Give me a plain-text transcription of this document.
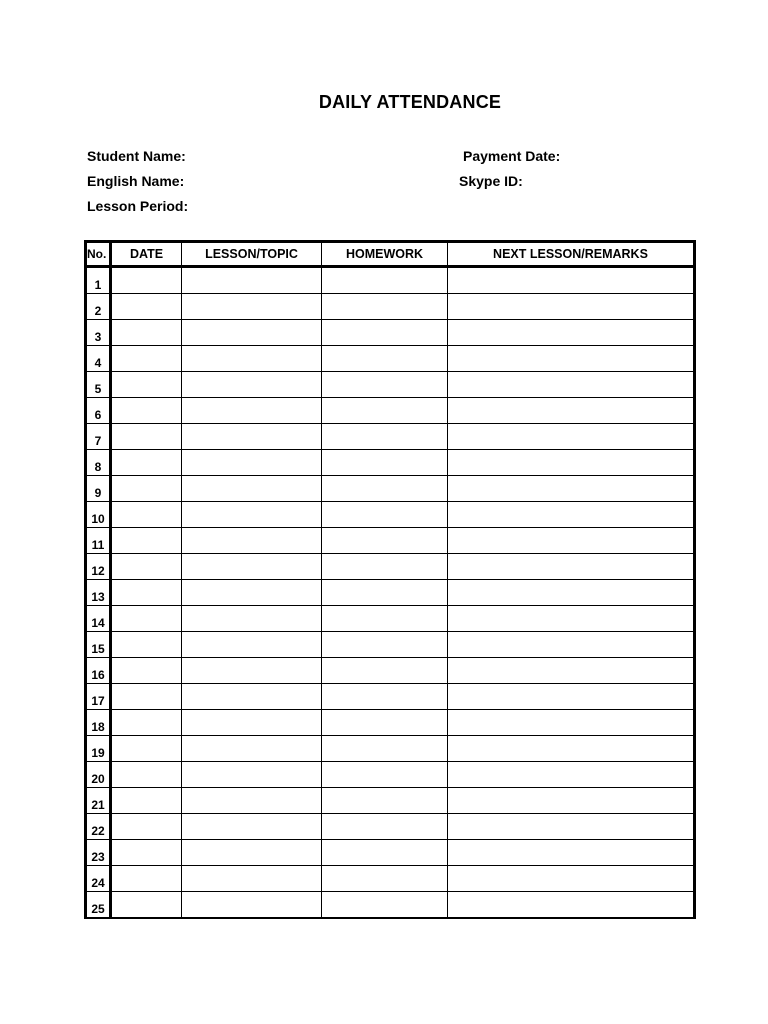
DAILY ATTENDANCE
Student Name:
English Name:
Lesson Period:
Payment Date:
Skype ID:
No.	DATE	LESSON/TOPIC	HOMEWORK	NEXT LESSON/REMARKS
1				
2				
3				
4				
5				
6				
7				
8				
9				
10				
11				
12				
13				
14				
15				
16				
17				
18				
19				
20				
21				
22				
23				
24				
25				
